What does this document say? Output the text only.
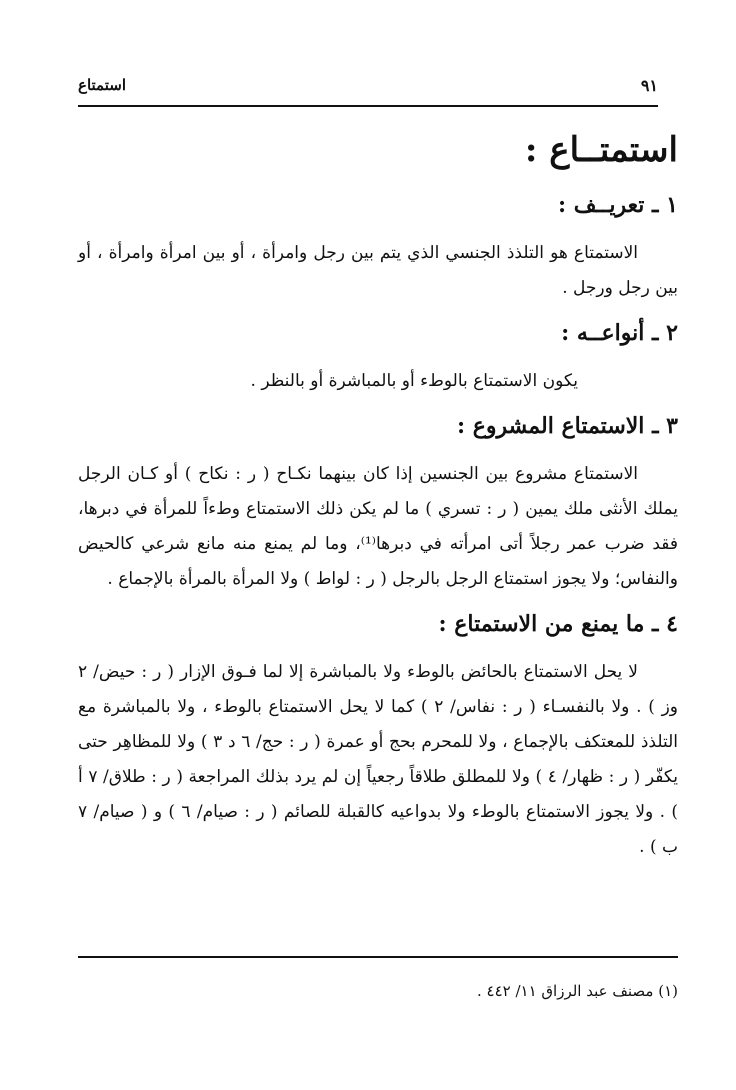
٩١
استمتاع
استمتــاع :
١ ـ تعريــف :

الاستمتاع هو التلذذ الجنسي الذي يتم بين رجل وامرأة ، أو بين امرأة وامرأة ، أو بين رجل ورجل .

٢ ـ أنواعــه :

يكون الاستمتاع بالوطء أو بالمباشرة أو بالنظر .

٣ ـ الاستمتاع المشروع :

الاستمتاع مشروع بين الجنسين إذا كان بينهما نكـاح ( ر : نكاح ) أو كـان الرجل يملك الأنثى ملك يمين ( ر : تسري ) ما لم يكن ذلك الاستمتاع وطءاً للمرأة في دبرها، فقد ضرب عمر رجلاً أتى امرأته في دبرها⁽¹⁾، وما لم يمنع منه مانع شرعي كالحيض والنفاس؛ ولا يجوز استمتاع الرجل بالرجل ( ر : لواط ) ولا المرأة بالمرأة بالإجماع .

٤ ـ ما يمنع من الاستمتاع :

لا يحل الاستمتاع بالحائض بالوطء ولا بالمباشرة إلا لما فـوق الإزار ( ر : حيض/ ٢ وز ) . ولا بالنفسـاء ( ر : نفاس/ ٢ ) كما لا يحل الاستمتاع بالوطء ، ولا بالمباشرة مع التلذذ للمعتكف بالإجماع ، ولا للمحرم بحج أو عمرة ( ر : حج/ ٦ د ٣ ) ولا للمظاهِر حتى يكفّر ( ر : ظهار/ ٤ ) ولا للمطلق طلاقاً رجعياً إن لم يرد بذلك المراجعة ( ر : طلاق/ ٧ أ ) . ولا يجوز الاستمتاع بالوطء ولا بدواعيه كالقبلة للصائم ( ر : صيام/ ٦ ) و ( صيام/ ٧ ب ) .

(١) مصنف عبد الرزاق ١١/ ٤٤٢ .
